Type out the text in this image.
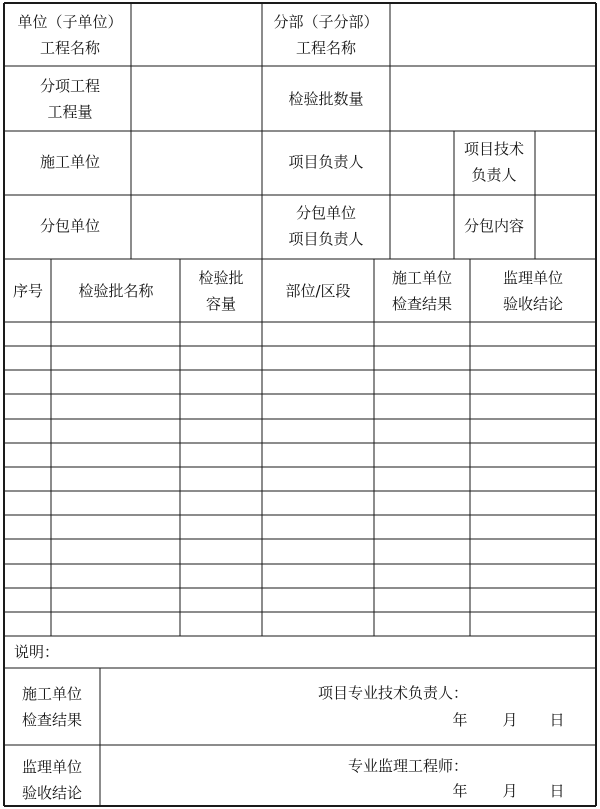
单位（子单位）
工程名称
分部（子分部）
工程名称
分项工程
工程量
检验批数量
施工单位	项目负责人
项目技术
负责人
分包单位
分包单位
项目负责人
分包内容
序号 检验批名称
检验批
容量
部位/区段
施工单位
检查结果
监理单位
验收结论
说明：
施工单位
检查结果
项目专业技术负责人：
年 月 日
监理单位
验收结论
专业监理工程师：
年 月 日
